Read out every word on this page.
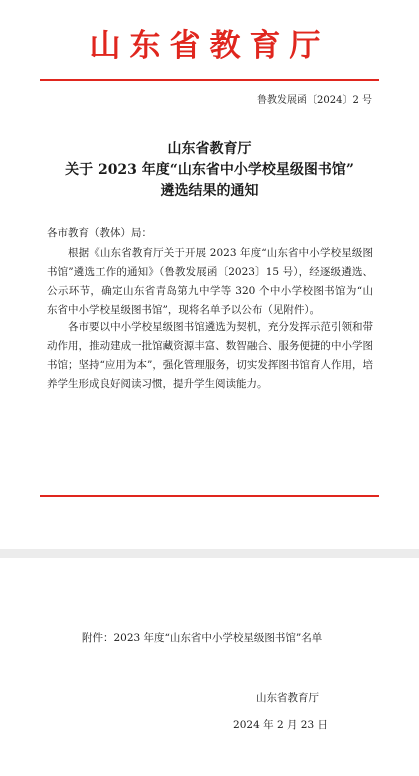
山东省教育厅
鲁教发展函〔2024〕2 号
山东省教育厅
关于 2023 年度“山东省中小学校星级图书馆”
遴选结果的通知
各市教育（教体）局：

根据《山东省教育厅关于开展 2023 年度“山东省中小学校星级图书馆”遴选工作的通知》（鲁教发展函〔2023〕15 号），经逐级遴选、公示环节，确定山东省青岛第九中学等 320 个中小学校图书馆为“山东省中小学校星级图书馆”，现将名单予以公布（见附件）。

各市要以中小学校星级图书馆遴选为契机，充分发挥示范引领和带动作用，推动建成一批馆藏资源丰富、数智融合、服务便捷的中小学图书馆；坚持“应用为本”，强化管理服务，切实发挥图书馆育人作用，培养学生形成良好阅读习惯，提升学生阅读能力。

附件：2023 年度“山东省中小学校星级图书馆”名单
山东省教育厅
2024 年 2 月 23 日
